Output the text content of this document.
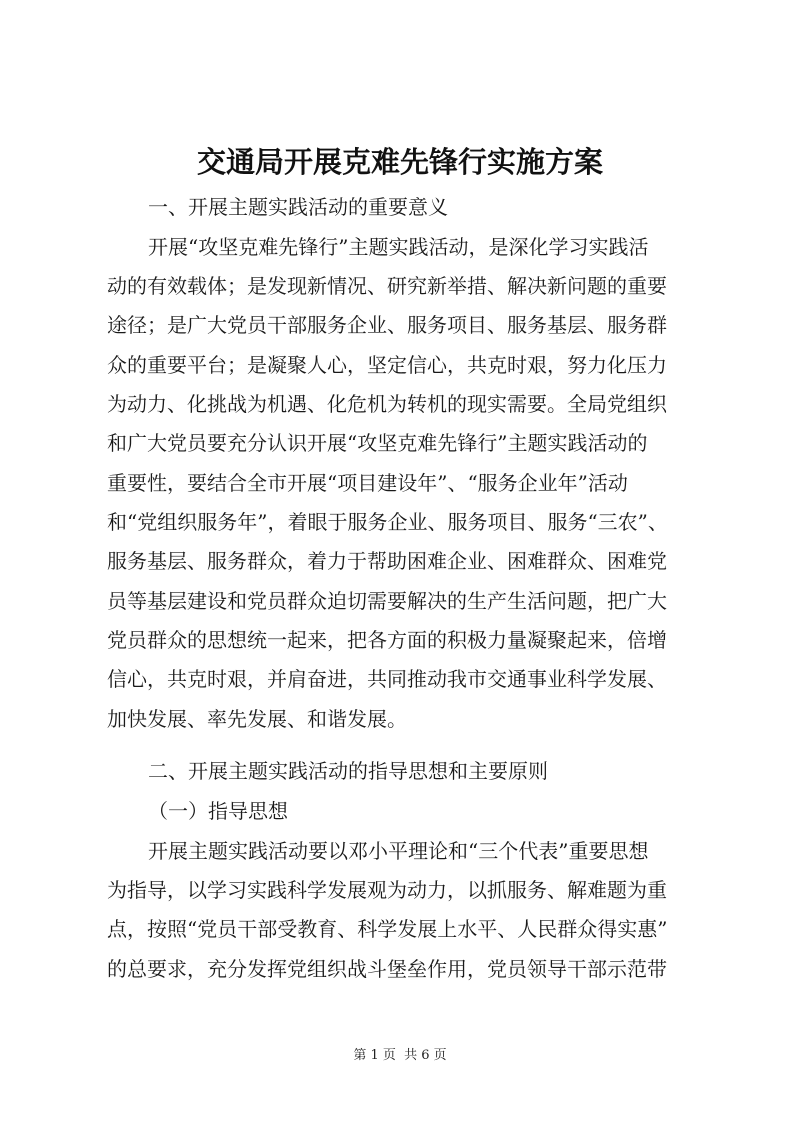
交通局开展克难先锋行实施方案

一、开展主题实践活动的重要意义

开展“攻坚克难先锋行”主题实践活动，是深化学习实践活

动的有效载体；是发现新情况、研究新举措、解决新问题的重要

途径；是广大党员干部服务企业、服务项目、服务基层、服务群

众的重要平台；是凝聚人心，坚定信心，共克时艰，努力化压力

为动力、化挑战为机遇、化危机为转机的现实需要。全局党组织

和广大党员要充分认识开展“攻坚克难先锋行”主题实践活动的

重要性，要结合全市开展“项目建设年”、“服务企业年”活动

和“党组织服务年”，着眼于服务企业、服务项目、服务“三农”、

服务基层、服务群众，着力于帮助困难企业、困难群众、困难党

员等基层建设和党员群众迫切需要解决的生产生活问题，把广大

党员群众的思想统一起来，把各方面的积极力量凝聚起来，倍增

信心，共克时艰，并肩奋进，共同推动我市交通事业科学发展、

加快发展、率先发展、和谐发展。

二、开展主题实践活动的指导思想和主要原则

（一）指导思想

开展主题实践活动要以邓小平理论和“三个代表”重要思想

为指导，以学习实践科学发展观为动力，以抓服务、解难题为重

点，按照“党员干部受教育、科学发展上水平、人民群众得实惠”

的总要求，充分发挥党组织战斗堡垒作用，党员领导干部示范带

第 1 页 共 6 页
